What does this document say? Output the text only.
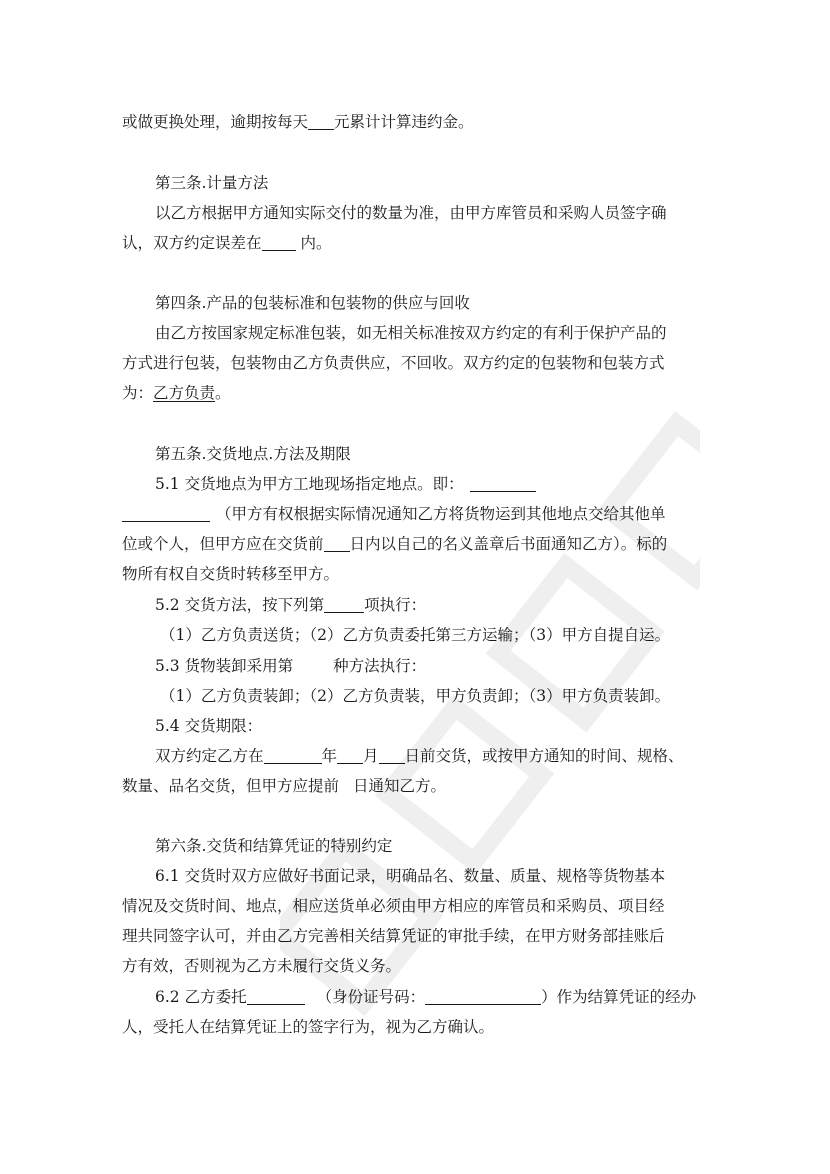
或做更换处理，逾期按每天 元累计计算违约金。
第三条.计量方法
以乙方根据甲方通知实际交付的数量为准，由甲方库管员和采购人员签字确
认，双方约定误差在 内。
第四条.产品的包装标准和包装物的供应与回收
由乙方按国家规定标准包装，如无相关标准按双方约定的有利于保护产品的
方式进行包装，包装物由乙方负责供应，不回收。双方约定的包装物和包装方式
为：乙方负责。
第五条.交货地点.方法及期限
5.1 交货地点为甲方工地现场指定地点。即：
（甲方有权根据实际情况通知乙方将货物运到其他地点交给其他单
位或个人，但甲方应在交货前 日内以自己的名义盖章后书面通知乙方）。标的
物所有权自交货时转移至甲方。
5.2 交货方法，按下列第	项执行：
（1）乙方负责送货；（2）乙方负责委托第三方运输；（3）甲方自提自运。
5.3 货物装卸采用第	种方法执行：
（1）乙方负责装卸；（2）乙方负责装，甲方负责卸；（3）甲方负责装卸。
5.4 交货期限：
双方约定乙方在	年 月 日前交货，或按甲方通知的时间、规格、
数量、品名交货，但甲方应提前 日通知乙方。
第六条.交货和结算凭证的特别约定
6.1 交货时双方应做好书面记录，明确品名、数量、质量、规格等货物基本
情况及交货时间、地点，相应送货单必须由甲方相应的库管员和采购员、项目经
理共同签字认可，并由乙方完善相关结算凭证的审批手续，在甲方财务部挂账后
方有效，否则视为乙方未履行交货义务。
6.2 乙方委托	（身份证号码：	）作为结算凭证的经办
人，受托人在结算凭证上的签字行为，视为乙方确认。
